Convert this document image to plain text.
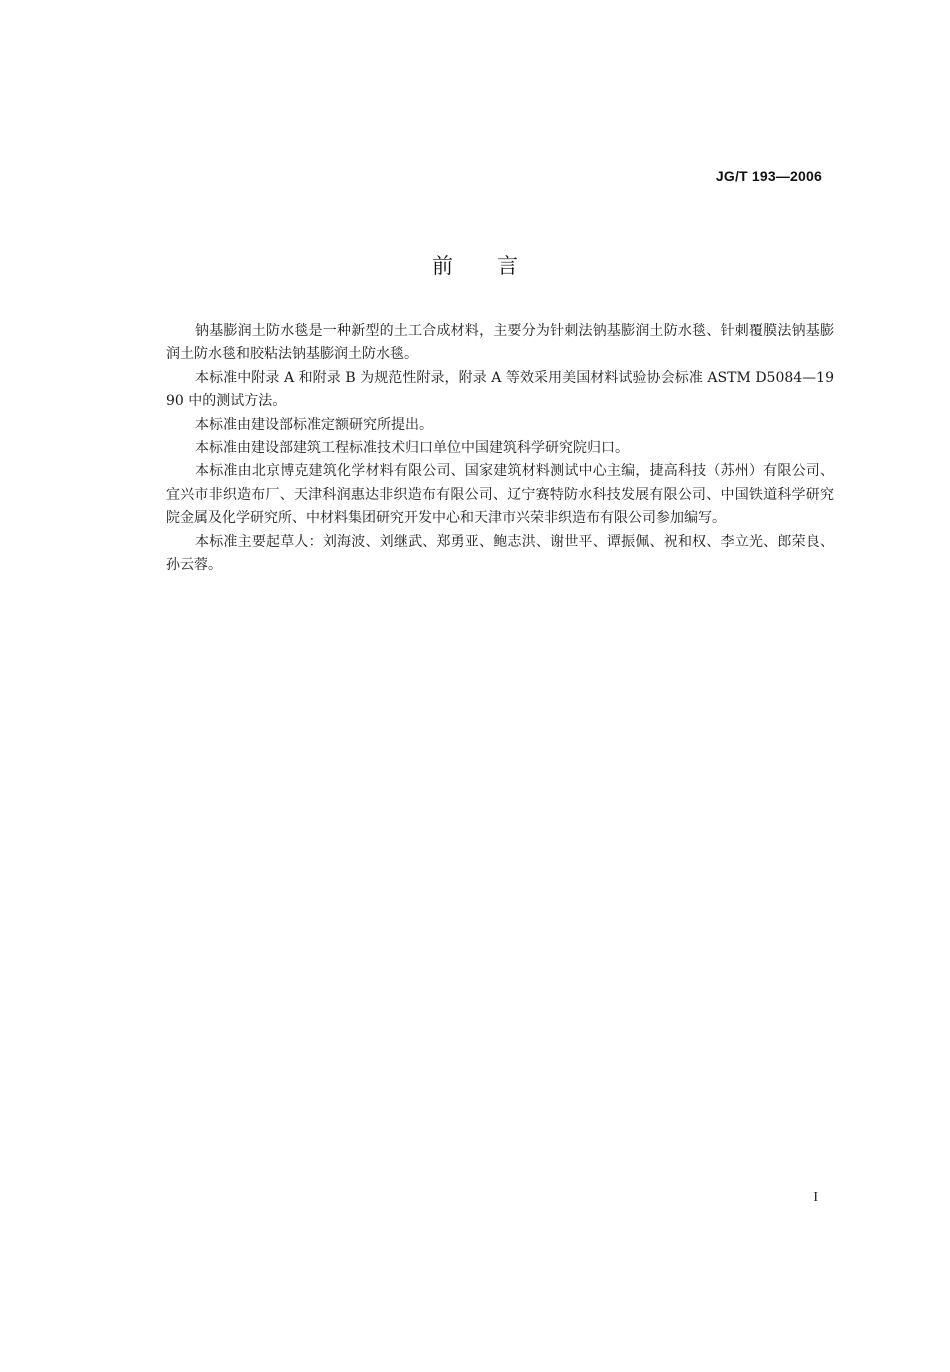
JG/T 193—2006
前言

钠基膨润土防水毯是一种新型的土工合成材料，主要分为针刺法钠基膨润土防水毯、针刺覆膜法钠基膨润土防水毯和胶粘法钠基膨润土防水毯。

本标准中附录 A 和附录 B 为规范性附录，附录 A 等效采用美国材料试验协会标准 ASTM D5084—1990 中的测试方法。

本标准由建设部标准定额研究所提出。

本标准由建设部建筑工程标准技术归口单位中国建筑科学研究院归口。

本标准由北京博克建筑化学材料有限公司、国家建筑材料测试中心主编，捷高科技（苏州）有限公司、宜兴市非织造布厂、天津科润惠达非织造布有限公司、辽宁赛特防水科技发展有限公司、中国铁道科学研究院金属及化学研究所、中材料集团研究开发中心和天津市兴荣非织造布有限公司参加编写。

本标准主要起草人：刘海波、刘继武、郑勇亚、鲍志洪、谢世平、谭振佩、祝和权、李立光、郎荣良、孙云蓉。

I
